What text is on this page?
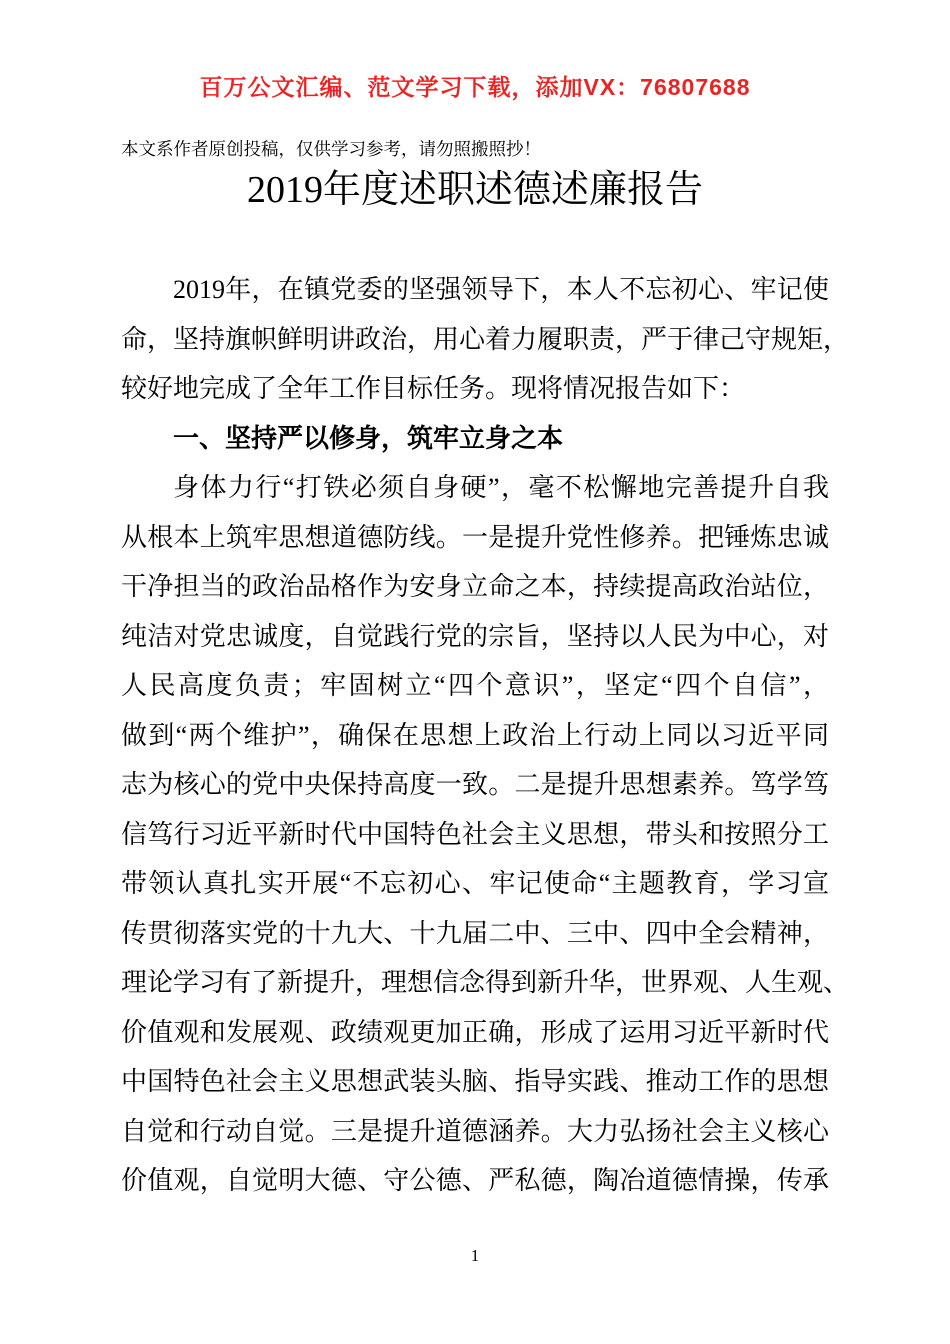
百万公文汇编、范文学习下载，添加VX：76807688
本文系作者原创投稿，仅供学习参考，请勿照搬照抄！
2019年度述职述德述廉报告
2019年，在镇党委的坚强领导下，本人不忘初心、牢记使
命，坚持旗帜鲜明讲政治，用心着力履职责，严于律己守规矩，
较好地完成了全年工作目标任务。现将情况报告如下：
一、坚持严以修身，筑牢立身之本
身体力行“打铁必须自身硬”，毫不松懈地完善提升自我
从根本上筑牢思想道德防线。一是提升党性修养。把锤炼忠诚
干净担当的政治品格作为安身立命之本，持续提高政治站位，
纯洁对党忠诚度，自觉践行党的宗旨，坚持以人民为中心，对
人民高度负责；牢固树立“四个意识”，坚定“四个自信”，
做到“两个维护”，确保在思想上政治上行动上同以习近平同
志为核心的党中央保持高度一致。二是提升思想素养。笃学笃
信笃行习近平新时代中国特色社会主义思想，带头和按照分工
带领认真扎实开展“不忘初心、牢记使命“主题教育，学习宣
传贯彻落实党的十九大、十九届二中、三中、四中全会精神，
理论学习有了新提升，理想信念得到新升华，世界观、人生观、
价值观和发展观、政绩观更加正确，形成了运用习近平新时代
中国特色社会主义思想武装头脑、指导实践、推动工作的思想
自觉和行动自觉。三是提升道德涵养。大力弘扬社会主义核心
价值观，自觉明大德、守公德、严私德，陶冶道德情操，传承
1
